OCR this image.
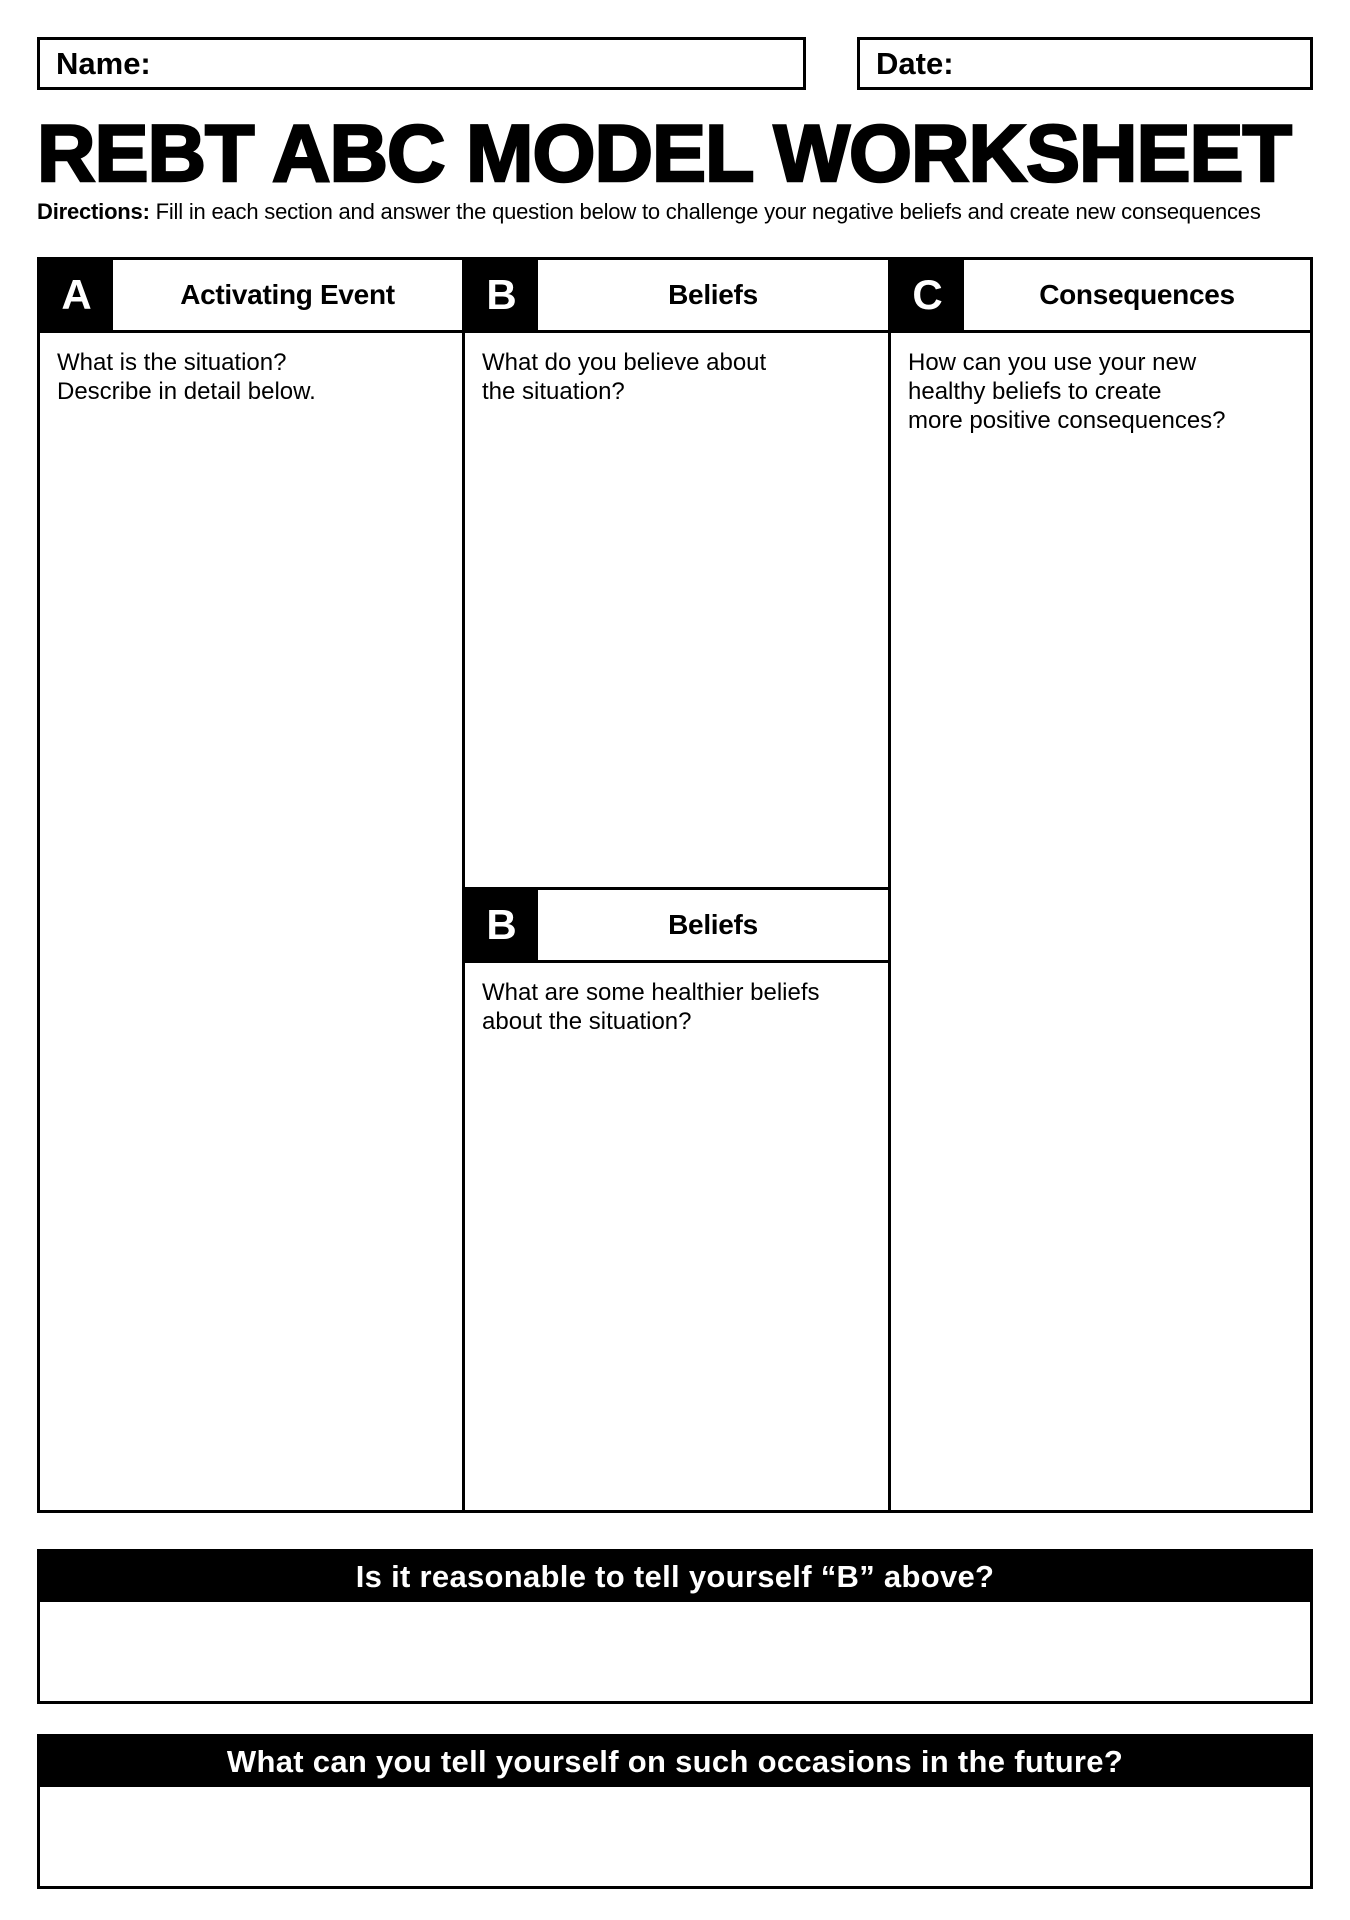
Name:	Date:
REBT ABC MODEL WORKSHEET
Directions: Fill in each section and answer the question below to challenge your negative beliefs and create new consequences
A	Activating Event
What is the situation?
Describe in detail below.
B	Beliefs
What do you believe about
the situation?
B	Beliefs
What are some healthier beliefs
about the situation?
C	Consequences
How can you use your new
healthy beliefs to create
more positive consequences?
Is it reasonable to tell yourself “B” above?
What can you tell yourself on such occasions in the future?
